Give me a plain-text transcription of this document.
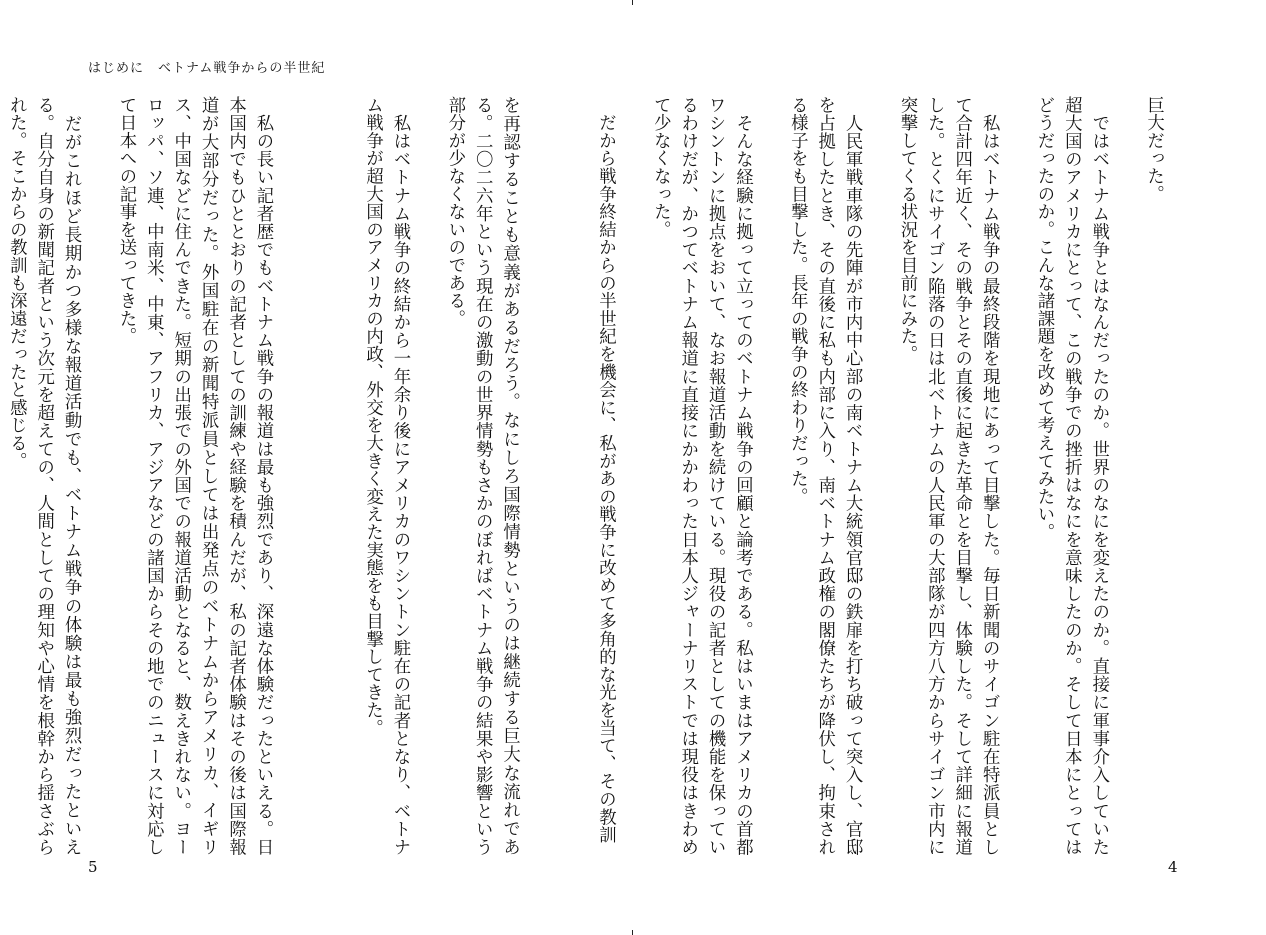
はじめに　ベトナム戦争からの半世紀

巨大だった。

　ではベトナム戦争とはなんだったのか。世界のなにを変えたのか。直接に軍事介入していた超大国のアメリカにとって、この戦争での挫折はなにを意味したのか。そして日本にとってはどうだったのか。こんな諸課題を改めて考えてみたい。

　私はベトナム戦争の最終段階を現地にあって目撃した。毎日新聞のサイゴン駐在特派員として合計四年近く、その戦争とその直後に起きた革命とを目撃し、体験した。そして詳細に報道した。とくにサイゴン陥落の日は北ベトナムの人民軍の大部隊が四方八方からサイゴン市内に突撃してくる状況を目前にみた。

　人民軍戦車隊の先陣が市内中心部の南ベトナム大統領官邸の鉄扉を打ち破って突入し、官邸を占拠したとき、その直後に私も内部に入り、南ベトナム政権の閣僚たちが降伏し、拘束される様子をも目撃した。長年の戦争の終わりだった。

　そんな経験に拠って立ってのベトナム戦争の回顧と論考である。私はいまはアメリカの首都ワシントンに拠点をおいて、なお報道活動を続けている。現役の記者としての機能を保っているわけだが、かつてベトナム報道に直接にかかわった日本人ジャーナリストでは現役はきわめて少なくなった。

　だから戦争終結からの半世紀を機会に、私があの戦争に改めて多角的な光を当て、その教訓

を再認することも意義があるだろう。なにしろ国際情勢というのは継続する巨大な流れである。二〇二六年という現在の激動の世界情勢もさかのぼればベトナム戦争の結果や影響という部分が少なくないのである。

　私はベトナム戦争の終結から一年余り後にアメリカのワシントン駐在の記者となり、ベトナム戦争が超大国のアメリカの内政、外交を大きく変えた実態をも目撃してきた。

　私の長い記者歴でもベトナム戦争の報道は最も強烈であり、深遠な体験だったといえる。日本国内でもひととおりの記者としての訓練や経験を積んだが、私の記者体験はその後は国際報道が大部分だった。外国駐在の新聞特派員としては出発点のベトナムからアメリカ、イギリス、中国などに住んできた。短期の出張での外国での報道活動となると、数えきれない。ヨーロッパ、ソ連、中南米、中東、アフリカ、アジアなどの諸国からその地でのニュースに対応して日本への記事を送ってきた。

　だがこれほど長期かつ多様な報道活動でも、ベトナム戦争の体験は最も強烈だったといえる。自分自身の新聞記者という次元を超えての、人間としての理知や心情を根幹から揺さぶられた。そこからの教訓も深遠だったと感じる。

5	4
